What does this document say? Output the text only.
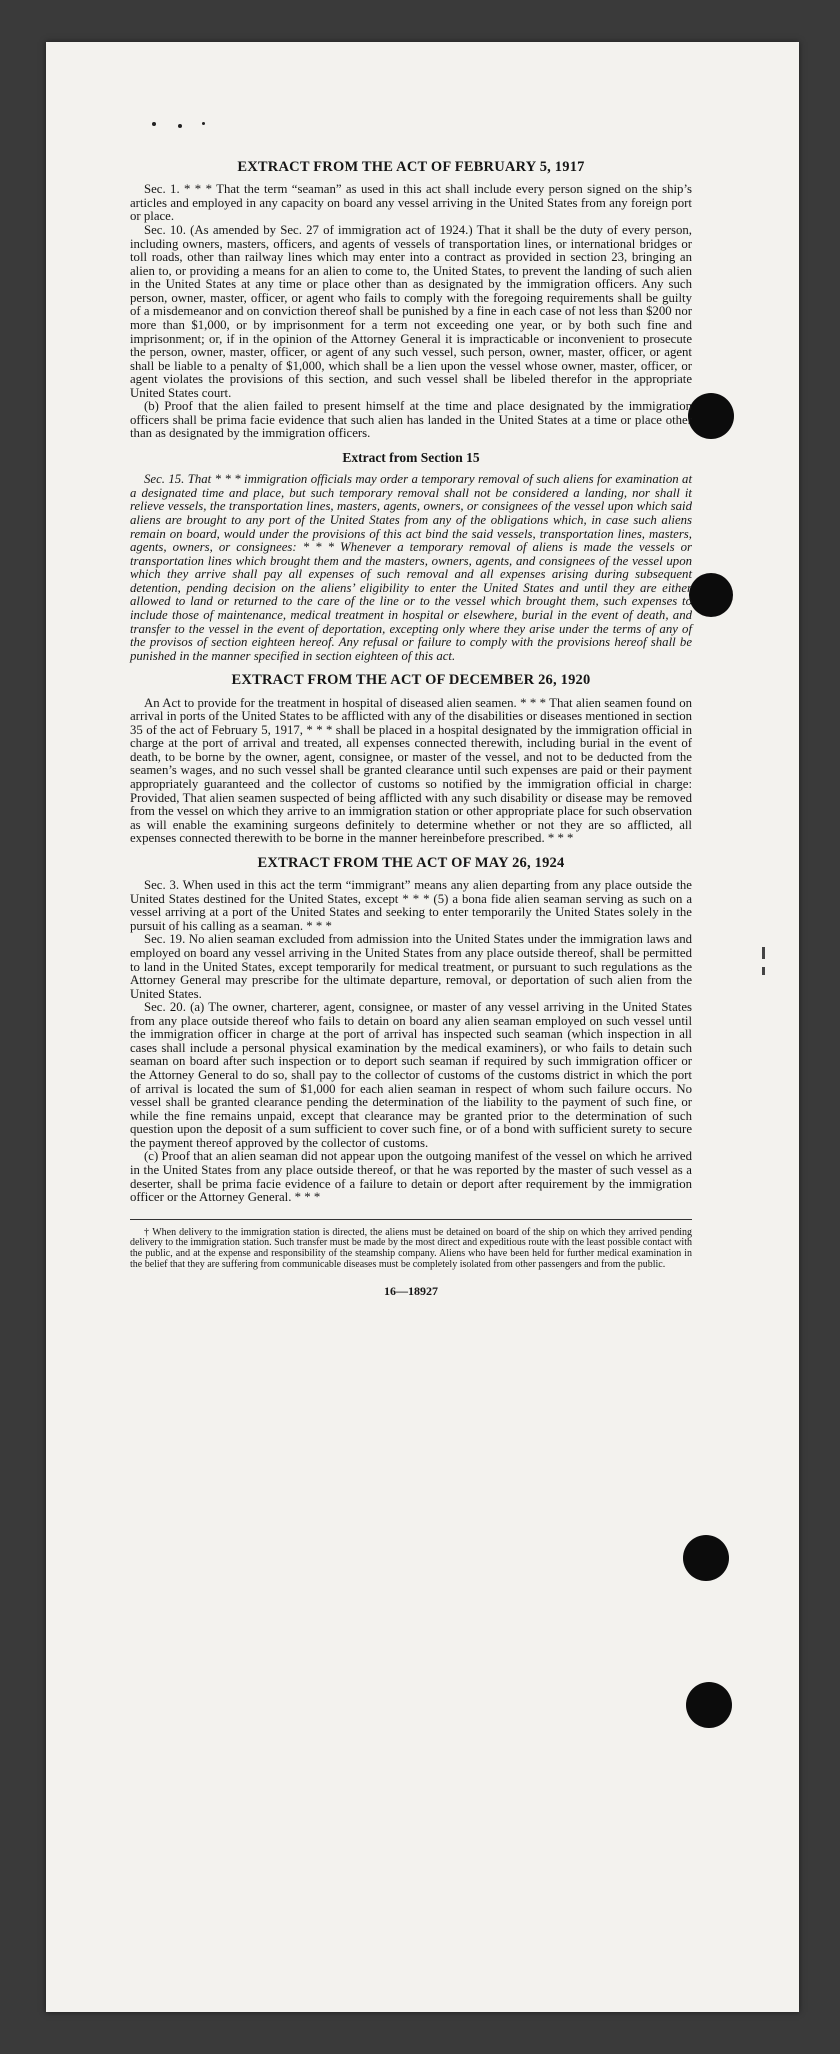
EXTRACT FROM THE ACT OF FEBRUARY 5, 1917

Sec. 1. * * * That the term “seaman” as used in this act shall include every person signed on the ship’s articles and employed in any capacity on board any vessel arriving in the United States from any foreign port or place.

Sec. 10. (As amended by Sec. 27 of immigration act of 1924.) That it shall be the duty of every person, including owners, masters, officers, and agents of vessels of transportation lines, or international bridges or toll roads, other than railway lines which may enter into a contract as provided in section 23, bringing an alien to, or providing a means for an alien to come to, the United States, to prevent the landing of such alien in the United States at any time or place other than as designated by the immigration officers. Any such person, owner, master, officer, or agent who fails to comply with the foregoing requirements shall be guilty of a misdemeanor and on conviction thereof shall be punished by a fine in each case of not less than $200 nor more than $1,000, or by imprisonment for a term not exceeding one year, or by both such fine and imprisonment; or, if in the opinion of the Attorney General it is impracticable or inconvenient to prosecute the person, owner, master, officer, or agent of any such vessel, such person, owner, master, officer, or agent shall be liable to a penalty of $1,000, which shall be a lien upon the vessel whose owner, master, officer, or agent violates the provisions of this section, and such vessel shall be libeled therefor in the appropriate United States court.

(b) Proof that the alien failed to present himself at the time and place designated by the immigration officers shall be prima facie evidence that such alien has landed in the United States at a time or place other than as designated by the immigration officers.

Extract from Section 15

Sec. 15. That * * * immigration officials may order a temporary removal of such aliens for examination at a designated time and place, but such temporary removal shall not be considered a landing, nor shall it relieve vessels, the transportation lines, masters, agents, owners, or consignees of the vessel upon which said aliens are brought to any port of the United States from any of the obligations which, in case such aliens remain on board, would under the provisions of this act bind the said vessels, transportation lines, masters, agents, owners, or consignees: * * * Whenever a temporary removal of aliens is made the vessels or transportation lines which brought them and the masters, owners, agents, and consignees of the vessel upon which they arrive shall pay all expenses of such removal and all expenses arising during subsequent detention, pending decision on the aliens’ eligibility to enter the United States and until they are either allowed to land or returned to the care of the line or to the vessel which brought them, such expenses to include those of maintenance, medical treatment in hospital or elsewhere, burial in the event of death, and transfer to the vessel in the event of deportation, excepting only where they arise under the terms of any of the provisos of section eighteen hereof. Any refusal or failure to comply with the provisions hereof shall be punished in the manner specified in section eighteen of this act.

EXTRACT FROM THE ACT OF DECEMBER 26, 1920

An Act to provide for the treatment in hospital of diseased alien seamen. * * * That alien seamen found on arrival in ports of the United States to be afflicted with any of the disabilities or diseases mentioned in section 35 of the act of February 5, 1917, * * * shall be placed in a hospital designated by the immigration official in charge at the port of arrival and treated, all expenses connected therewith, including burial in the event of death, to be borne by the owner, agent, consignee, or master of the vessel, and not to be deducted from the seamen’s wages, and no such vessel shall be granted clearance until such expenses are paid or their payment appropriately guaranteed and the collector of customs so notified by the immigration official in charge: Provided, That alien seamen suspected of being afflicted with any such disability or disease may be removed from the vessel on which they arrive to an immigration station or other appropriate place for such observation as will enable the examining surgeons definitely to determine whether or not they are so afflicted, all expenses connected therewith to be borne in the manner hereinbefore prescribed. * * *

EXTRACT FROM THE ACT OF MAY 26, 1924

Sec. 3. When used in this act the term “immigrant” means any alien departing from any place outside the United States destined for the United States, except * * * (5) a bona fide alien seaman serving as such on a vessel arriving at a port of the United States and seeking to enter temporarily the United States solely in the pursuit of his calling as a seaman. * * *

Sec. 19. No alien seaman excluded from admission into the United States under the immigration laws and employed on board any vessel arriving in the United States from any place outside thereof, shall be permitted to land in the United States, except temporarily for medical treatment, or pursuant to such regulations as the Attorney General may prescribe for the ultimate departure, removal, or deportation of such alien from the United States.

Sec. 20. (a) The owner, charterer, agent, consignee, or master of any vessel arriving in the United States from any place outside thereof who fails to detain on board any alien seaman employed on such vessel until the immigration officer in charge at the port of arrival has inspected such seaman (which inspection in all cases shall include a personal physical examination by the medical examiners), or who fails to detain such seaman on board after such inspection or to deport such seaman if required by such immigration officer or the Attorney General to do so, shall pay to the collector of customs of the customs district in which the port of arrival is located the sum of $1,000 for each alien seaman in respect of whom such failure occurs. No vessel shall be granted clearance pending the determination of the liability to the payment of such fine, or while the fine remains unpaid, except that clearance may be granted prior to the determination of such question upon the deposit of a sum sufficient to cover such fine, or of a bond with sufficient surety to secure the payment thereof approved by the collector of customs.

(c) Proof that an alien seaman did not appear upon the outgoing manifest of the vessel on which he arrived in the United States from any place outside thereof, or that he was reported by the master of such vessel as a deserter, shall be prima facie evidence of a failure to detain or deport after requirement by the immigration officer or the Attorney General. * * *

† When delivery to the immigration station is directed, the aliens must be detained on board of the ship on which they arrived pending delivery to the immigration station. Such transfer must be made by the most direct and expeditious route with the least possible contact with the public, and at the expense and responsibility of the steamship company. Aliens who have been held for further medical examination in the belief that they are suffering from communicable diseases must be completely isolated from other passengers and from the public.

16—18927
